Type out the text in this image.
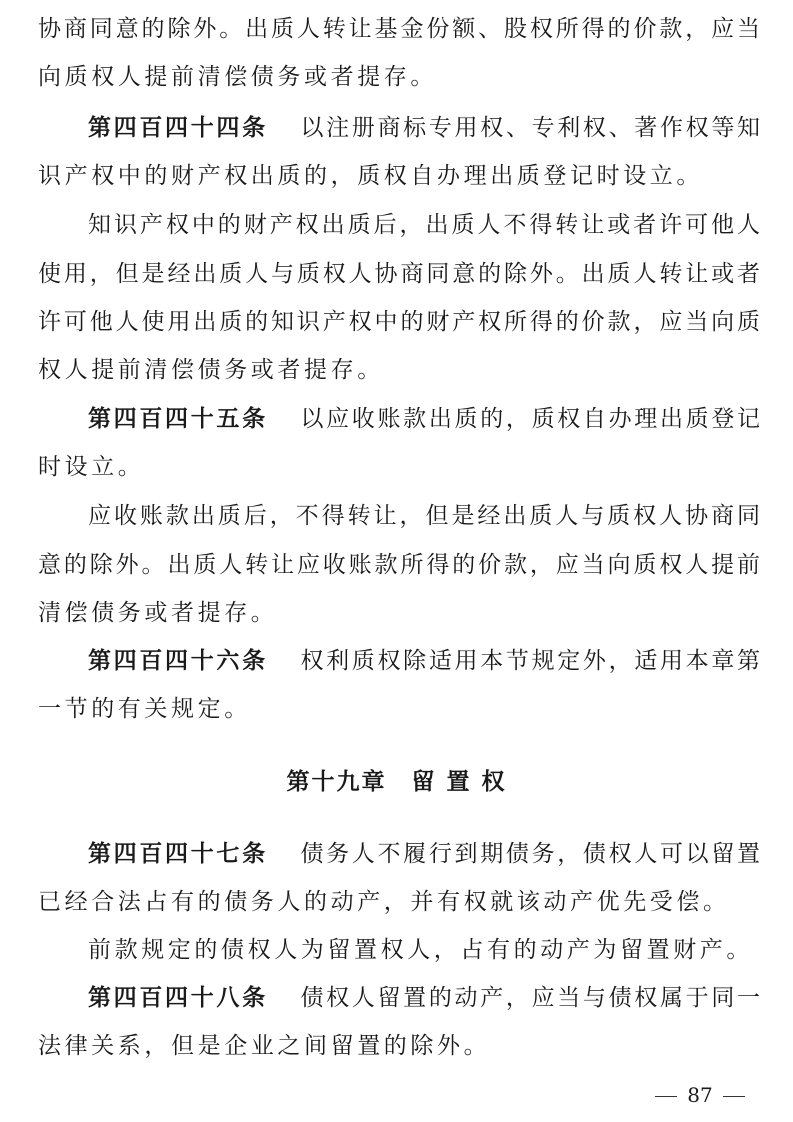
协商同意的除外。出质人转让基金份额、股权所得的价款，应当
向质权人提前清偿债务或者提存。
第四百四十四条 以注册商标专用权、专利权、著作权等知
识产权中的财产权出质的，质权自办理出质登记时设立。
知识产权中的财产权出质后，出质人不得转让或者许可他人
使用，但是经出质人与质权人协商同意的除外。出质人转让或者
许可他人使用出质的知识产权中的财产权所得的价款，应当向质
权人提前清偿债务或者提存。
第四百四十五条 以应收账款出质的，质权自办理出质登记
时设立。
应收账款出质后，不得转让，但是经出质人与质权人协商同
意的除外。出质人转让应收账款所得的价款，应当向质权人提前
清偿债务或者提存。
第四百四十六条 权利质权除适用本节规定外，适用本章第
一节的有关规定。
第十九章　留 置 权
第四百四十七条 债务人不履行到期债务，债权人可以留置
已经合法占有的债务人的动产，并有权就该动产优先受偿。
前款规定的债权人为留置权人，占有的动产为留置财产。
第四百四十八条 债权人留置的动产，应当与债权属于同一
法律关系，但是企业之间留置的除外。
87
